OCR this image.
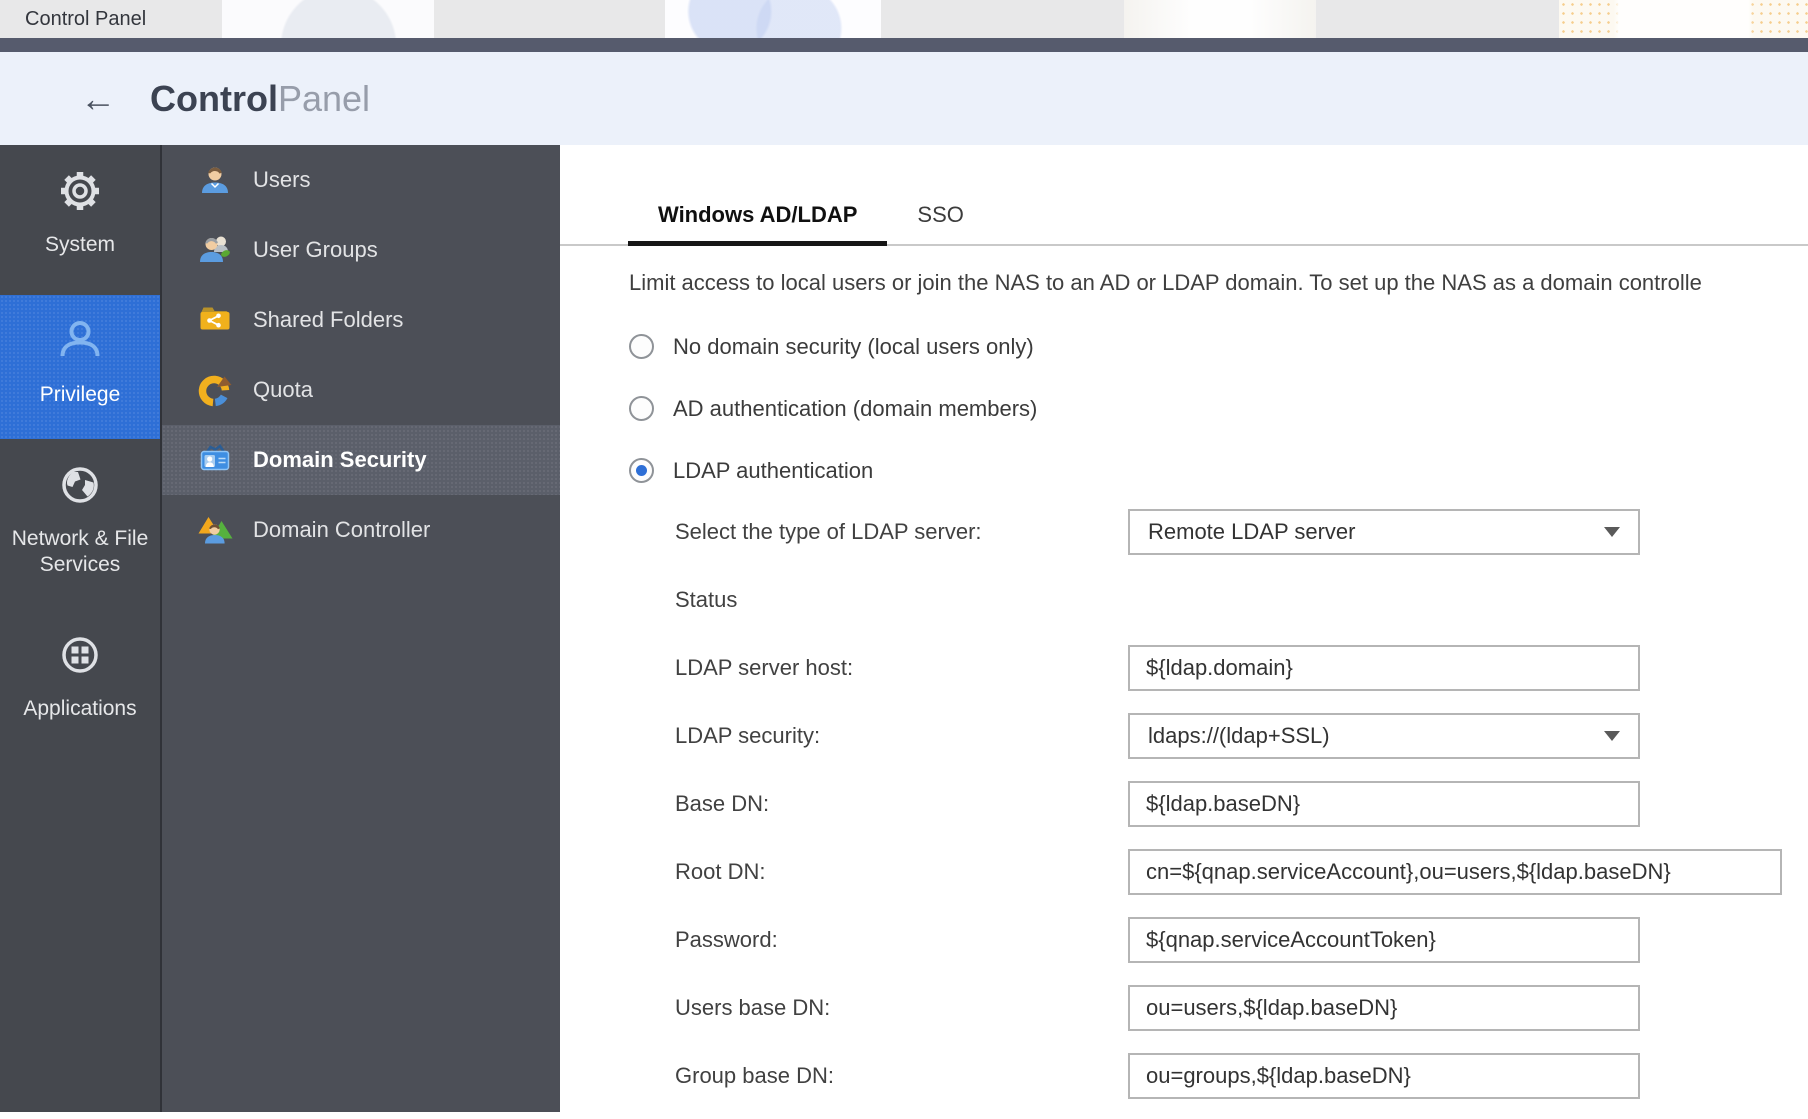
Control Panel
← ControlPanel
System
Privilege
Network & File Services
Applications
Users
User Groups
Shared Folders
Quota
Domain Security
Domain Controller
Windows AD/LDAP	SSO

Limit access to local users or join the NAS to an AD or LDAP domain. To set up the NAS as a domain controlle

No domain security (local users only)
AD authentication (domain members)
LDAP authentication
Select the type of LDAP server:	Remote LDAP server
Status
LDAP server host:
${ldap.domain}
LDAP security:	ldaps://(ldap+SSL)
Base DN:
${ldap.baseDN}
Root DN:
cn=${qnap.serviceAccount},ou=users,${ldap.baseDN}
Password:
${qnap.serviceAccountToken}
Users base DN:
ou=users,${ldap.baseDN}
Group base DN:
ou=groups,${ldap.baseDN}
